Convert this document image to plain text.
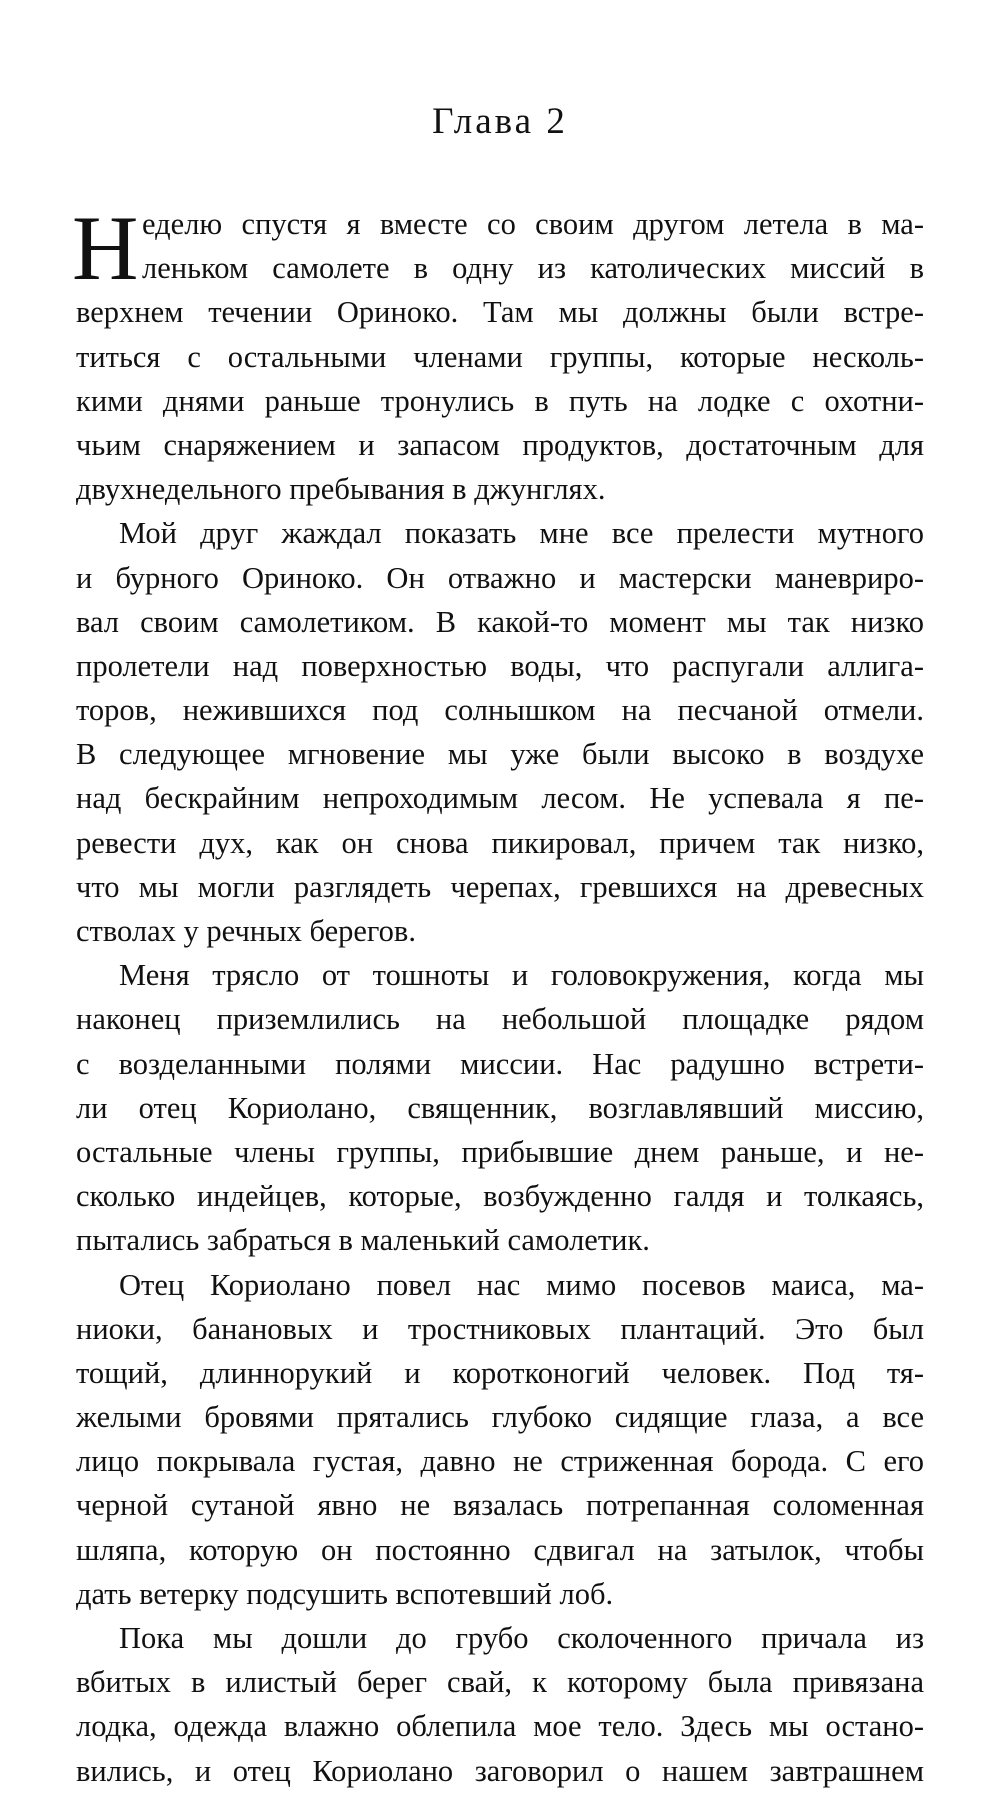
Глава 2
Н еделю спустя я вместе со своим другом летела в ма-
леньком самолете в одну из католических миссий в
верхнем течении Ориноко. Там мы должны были встре-
титься с остальными членами группы, которые несколь-
кими днями раньше тронулись в путь на лодке с охотни-
чьим снаряжением и запасом продуктов, достаточным для
двухнедельного пребывания в джунглях.
Мой друг жаждал показать мне все прелести мутного
и бурного Ориноко. Он отважно и мастерски маневриро-
вал своим самолетиком. В какой-то момент мы так низко
пролетели над поверхностью воды, что распугали аллига-
торов, нежившихся под солнышком на песчаной отмели.
В следующее мгновение мы уже были высоко в воздухе
над бескрайним непроходимым лесом. Не успевала я пе-
ревести дух, как он снова пикировал, причем так низко,
что мы могли разглядеть черепах, гревшихся на древесных
стволах у речных берегов.
Меня трясло от тошноты и головокружения, когда мы
наконец приземлились на небольшой площадке рядом
с возделанными полями миссии. Нас радушно встрети-
ли отец Кориолано, священник, возглавлявший миссию,
остальные члены группы, прибывшие днем раньше, и не-
сколько индейцев, которые, возбужденно галдя и толкаясь,
пытались забраться в маленький самолетик.
Отец Кориолано повел нас мимо посевов маиса, ма-
ниоки, банановых и тростниковых плантаций. Это был
тощий, длиннорукий и коротконогий человек. Под тя-
желыми бровями прятались глубоко сидящие глаза, а все
лицо покрывала густая, давно не стриженная борода. С его
черной сутаной явно не вязалась потрепанная соломенная
шляпа, которую он постоянно сдвигал на затылок, чтобы
дать ветерку подсушить вспотевший лоб.
Пока мы дошли до грубо сколоченного причала из
вбитых в илистый берег свай, к которому была привязана
лодка, одежда влажно облепила мое тело. Здесь мы остано-
вились, и отец Кориолано заговорил о нашем завтрашнем
